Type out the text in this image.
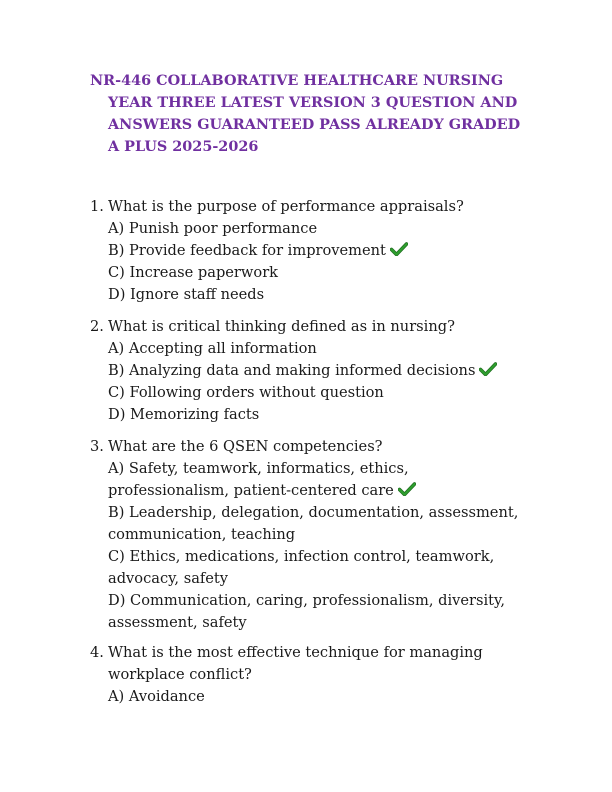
NR-446 COLLABORATIVE HEALTHCARE NURSING
YEAR THREE LATEST VERSION 3 QUESTION AND
ANSWERS GUARANTEED PASS ALREADY GRADED
A PLUS 2025-2026
1. What is the purpose of performance appraisals?
A) Punish poor performance
B) Provide feedback for improvement
C) Increase paperwork
D) Ignore staff needs
2. What is critical thinking defined as in nursing?
A) Accepting all information
B) Analyzing data and making informed decisions
C) Following orders without question
D) Memorizing facts
3. What are the 6 QSEN competencies?
A) Safety, teamwork, informatics, ethics,
professionalism, patient-centered care
B) Leadership, delegation, documentation, assessment,
communication, teaching
C) Ethics, medications, infection control, teamwork,
advocacy, safety
D) Communication, caring, professionalism, diversity,
assessment, safety
4. What is the most effective technique for managing
workplace conflict?
A) Avoidance
